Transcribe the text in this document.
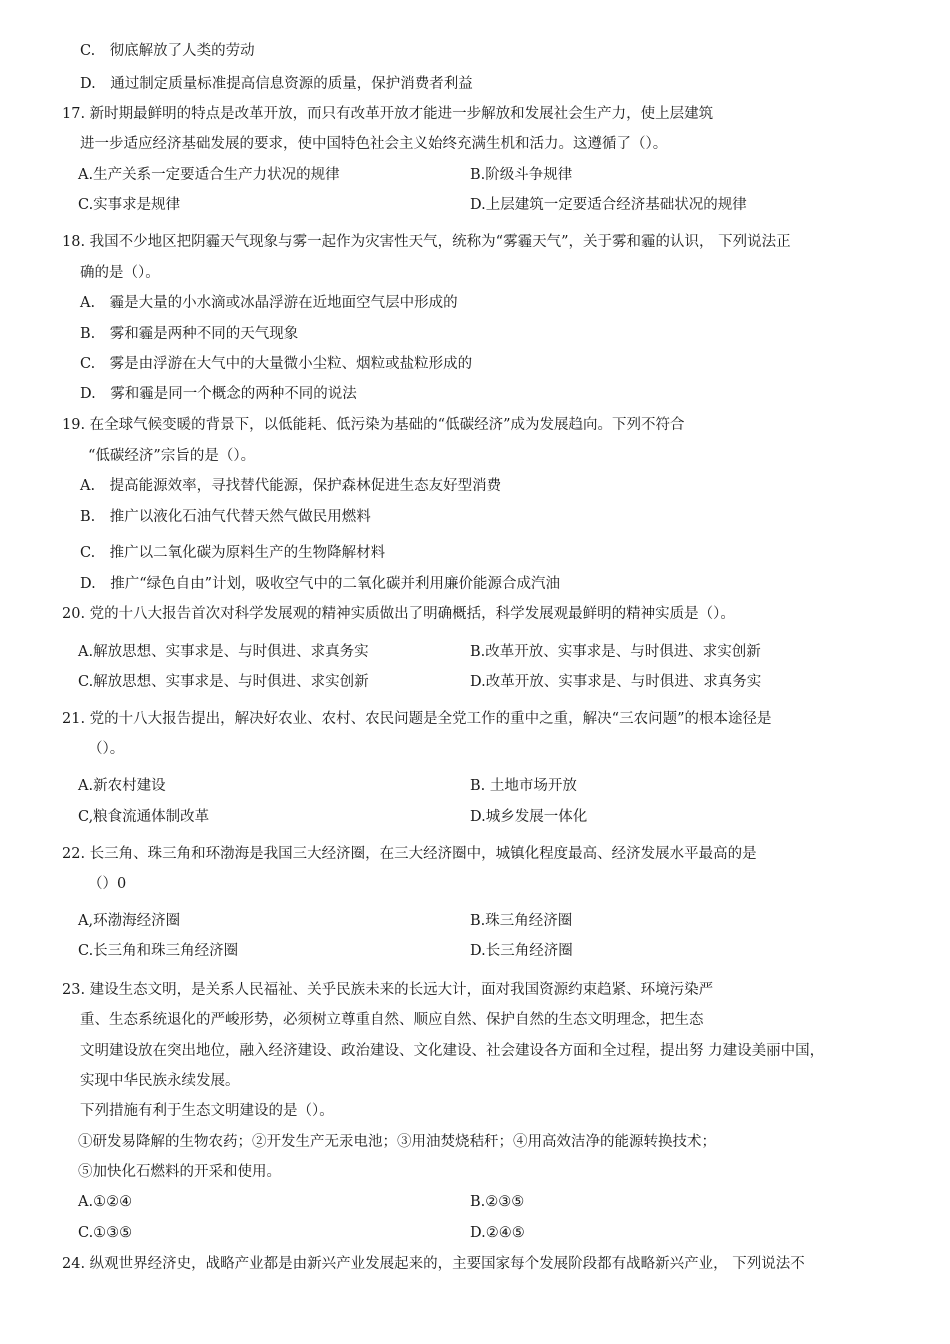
C.　彻底解放了人类的劳动
D.　通过制定质量标准提高信息资源的质量，保护消费者利益
17. 新时期最鲜明的特点是改革开放，而只有改革开放才能进一步解放和发展社会生产力，使上层建筑
进一步适应经济基础发展的要求，使中国特色社会主义始终充满生机和活力。这遵循了（）。
A.生产关系一定要适合生产力状况的规律	B.阶级斗争规律
C.实事求是规律	D.上层建筑一定要适合经济基础状况的规律
18. 我国不少地区把阴霾天气现象与雾一起作为灾害性天气，统称为“雾霾天气”，关于雾和霾的认识， 下列说法正
确的是（）。
A.　霾是大量的小水滴或冰晶浮游在近地面空气层中形成的
B.　雾和霾是两种不同的天气现象
C.　雾是由浮游在大气中的大量微小尘粒、烟粒或盐粒形成的
D.　雾和霾是同一个概念的两种不同的说法
19. 在全球气候变暖的背景下，以低能耗、低污染为基础的“低碳经济”成为发展趋向。下列不符合
“低碳经济”宗旨的是（）。
A.　提高能源效率，寻找替代能源，保护森林促进生态友好型消费
B.　推广以液化石油气代替天然气做民用燃料
C.　推广以二氧化碳为原料生产的生物降解材料
D.　推广“绿色自由”计划，吸收空气中的二氧化碳并利用廉价能源合成汽油
20. 党的十八大报告首次对科学发展观的精神实质做出了明确概括，科学发展观最鲜明的精神实质是（）。
A.解放思想、实事求是、与时俱进、求真务实	B.改革开放、实事求是、与时俱进、求实创新
C.解放思想、实事求是、与时俱进、求实创新	D.改革开放、实事求是、与时俱进、求真务实
21. 党的十八大报告提出，解决好农业、农村、农民问题是全党工作的重中之重，解决“三农问题”的根本途径是
（）。
A.新农村建设	B. 土地市场开放
C,粮食流通体制改革	D.城乡发展一体化
22. 长三角、珠三角和环渤海是我国三大经济圈，在三大经济圈中，城镇化程度最高、经济发展水平最高的是
（）0
A,环渤海经济圈	B.珠三角经济圈
C.长三角和珠三角经济圈	D.长三角经济圈
23. 建设生态文明，是关系人民福祉、关乎民族未来的长远大计，面对我国资源约束趋紧、环境污染严
重、生态系统退化的严峻形势，必须树立尊重自然、顺应自然、保护自然的生态文明理念，把生态
文明建设放在突出地位，融入经济建设、政治建设、文化建设、社会建设各方面和全过程，提出努 力建设美丽中国，
实现中华民族永续发展。
下列措施有利于生态文明建设的是（）。
①研发易降解的生物农药；②开发生产无汞电池；③用油焚烧秸秆；④用高效洁净的能源转换技术；
⑤加快化石燃料的开采和使用。
A.①②④	B.②③⑤
C.①③⑤	D.②④⑤
24. 纵观世界经济史，战略产业都是由新兴产业发展起来的，主要国家每个发展阶段都有战略新兴产业， 下列说法不
